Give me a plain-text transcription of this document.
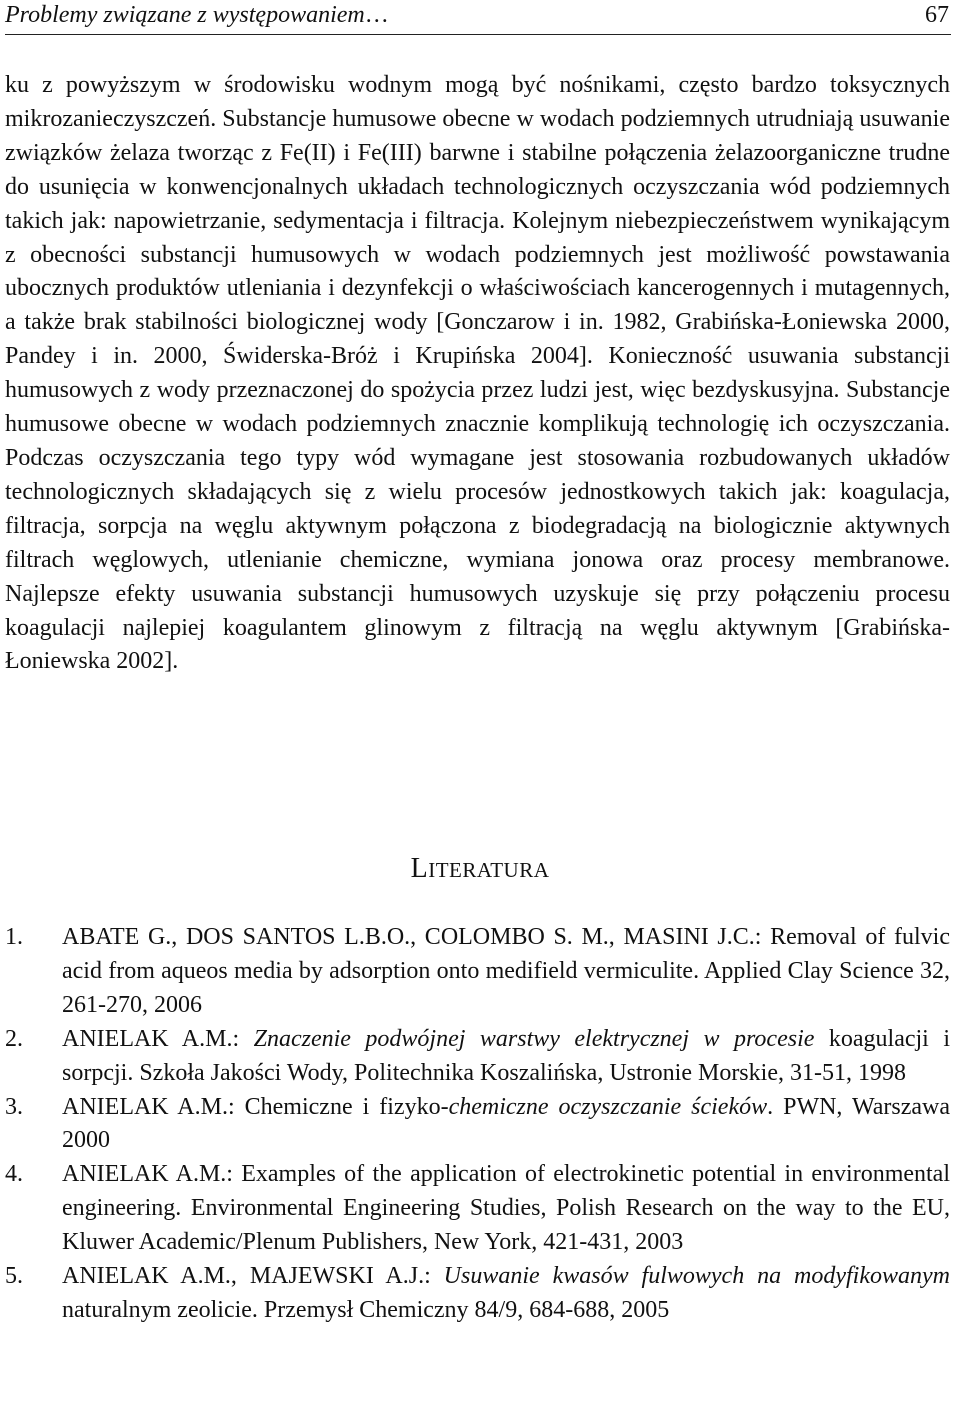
Problemy związane z występowaniem…	67
ku z powyższym w środowisku wodnym mogą być nośnikami, często bardzo toksycznych mikrozanieczyszczeń. Substancje humusowe obecne w wodach podziemnych utrudniają usuwanie związków żelaza tworząc z Fe(II) i Fe(III) barwne i stabilne połączenia żelazoorganiczne trudne do usunięcia w konwencjonalnych układach technologicznych oczyszczania wód podziemnych takich jak: napowietrzanie, sedymentacja i filtracja. Kolejnym niebezpieczeństwem wynikającym z obecności substancji humusowych w wodach podziemnych jest możliwość powstawania ubocznych produktów utleniania i dezynfekcji o właściwościach kancerogennych i mutagennych, a także brak stabilności biologicznej wody [Gonczarow i in. 1982, Grabińska-Łoniewska 2000, Pandey i in. 2000, Świderska-Bróż i Krupińska 2004]. Konieczność usuwania substancji humusowych z wody przeznaczonej do spożycia przez ludzi jest, więc bezdyskusyjna. Substancje humusowe obecne w wodach podziemnych znacznie komplikują technologię ich oczyszczania. Podczas oczyszczania tego typy wód wymagane jest stosowania rozbudowanych układów technologicznych składających się z wielu procesów jednostkowych takich jak: koagulacja, filtracja, sorpcja na węglu aktywnym połączona z biodegradacją na biologicznie aktywnych filtrach węglowych, utlenianie chemiczne, wymiana jonowa oraz procesy membranowe. Najlepsze efekty usuwania substancji humusowych uzyskuje się przy połączeniu procesu koagulacji najlepiej koagulantem glinowym z filtracją na węglu aktywnym [Grabińska-Łoniewska 2002].
LITERATURA
1. ABATE G., DOS SANTOS L.B.O., COLOMBO S. M., MASINI J.C.: Removal of fulvic acid from aqueos media by adsorption onto medifield vermiculite. Applied Clay Science 32, 261-270, 2006
2. ANIELAK A.M.: Znaczenie podwójnej warstwy elektrycznej w procesie koagulacji i sorpcji. Szkoła Jakości Wody, Politechnika Koszalińska, Ustronie Morskie, 31-51, 1998
3. ANIELAK A.M.: Chemiczne i fizyko-chemiczne oczyszczanie ścieków. PWN, Warszawa 2000
4. ANIELAK A.M.: Examples of the application of electrokinetic potential in environmental engineering. Environmental Engineering Studies, Polish Research on the way to the EU, Kluwer Academic/Plenum Publishers, New York, 421-431, 2003
5. ANIELAK A.M., MAJEWSKI A.J.: Usuwanie kwasów fulwowych na modyfikowanym naturalnym zeolicie. Przemysł Chemiczny 84/9, 684-688, 2005
